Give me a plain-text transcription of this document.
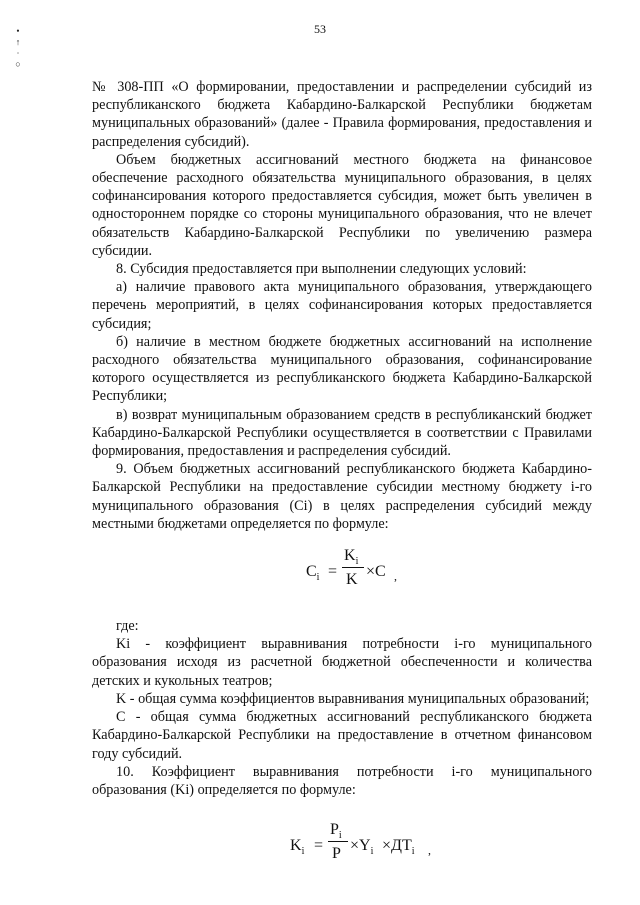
53
•
↑
∙
○

№ 308-ПП «О формировании, предоставлении и распределении субсидий из республиканского бюджета Кабардино-Балкарской Республики бюджетам муниципальных образований» (далее - Правила формирования, предоставления и распределения субсидий).

Объем бюджетных ассигнований местного бюджета на финансовое обеспечение расходного обязательства муниципального образования, в целях софинансирования которого предоставляется субсидия, может быть увеличен в одностороннем порядке со стороны муниципального образования, что не влечет обязательств Кабардино-Балкарской Республики по увеличению размера субсидии.

8. Субсидия предоставляется при выполнении следующих условий:

а) наличие правового акта муниципального образования, утверждающего перечень мероприятий, в целях софинансирования которых предоставляется субсидия;

б) наличие в местном бюджете бюджетных ассигнований на исполнение расходного обязательства муниципального образования, софинансирование которого осуществляется из республиканского бюджета Кабардино-Балкарской Республики;

в) возврат муниципальным образованием средств в республиканский бюджет Кабардино-Балкарской Республики осуществляется в соответствии с Правилами формирования, предоставления и распределения субсидий.

9. Объем бюджетных ассигнований республиканского бюджета Кабардино-Балкарской Республики на предоставление субсидии местному бюджету i-го муниципального образования (Ci) в целях распределения субсидий между местными бюджетами определяется по формуле:

$C_i$ =
$K_i$
K ×C ,

где:

Ki - коэффициент выравнивания потребности i-го муниципального образования исходя из расчетной бюджетной обеспеченности и количества детских и кукольных театров;

K - общая сумма коэффициентов выравнивания муниципальных образований;

C - общая сумма бюджетных ассигнований республиканского бюджета Кабардино-Балкарской Республики на предоставление в отчетном финансовом году субсидий.

10. Коэффициент выравнивания потребности i-го муниципального образования (Ki) определяется по формуле:

$K_i$ =
$P_i$
$P \times Y_i \times ДТ_i$ ,
